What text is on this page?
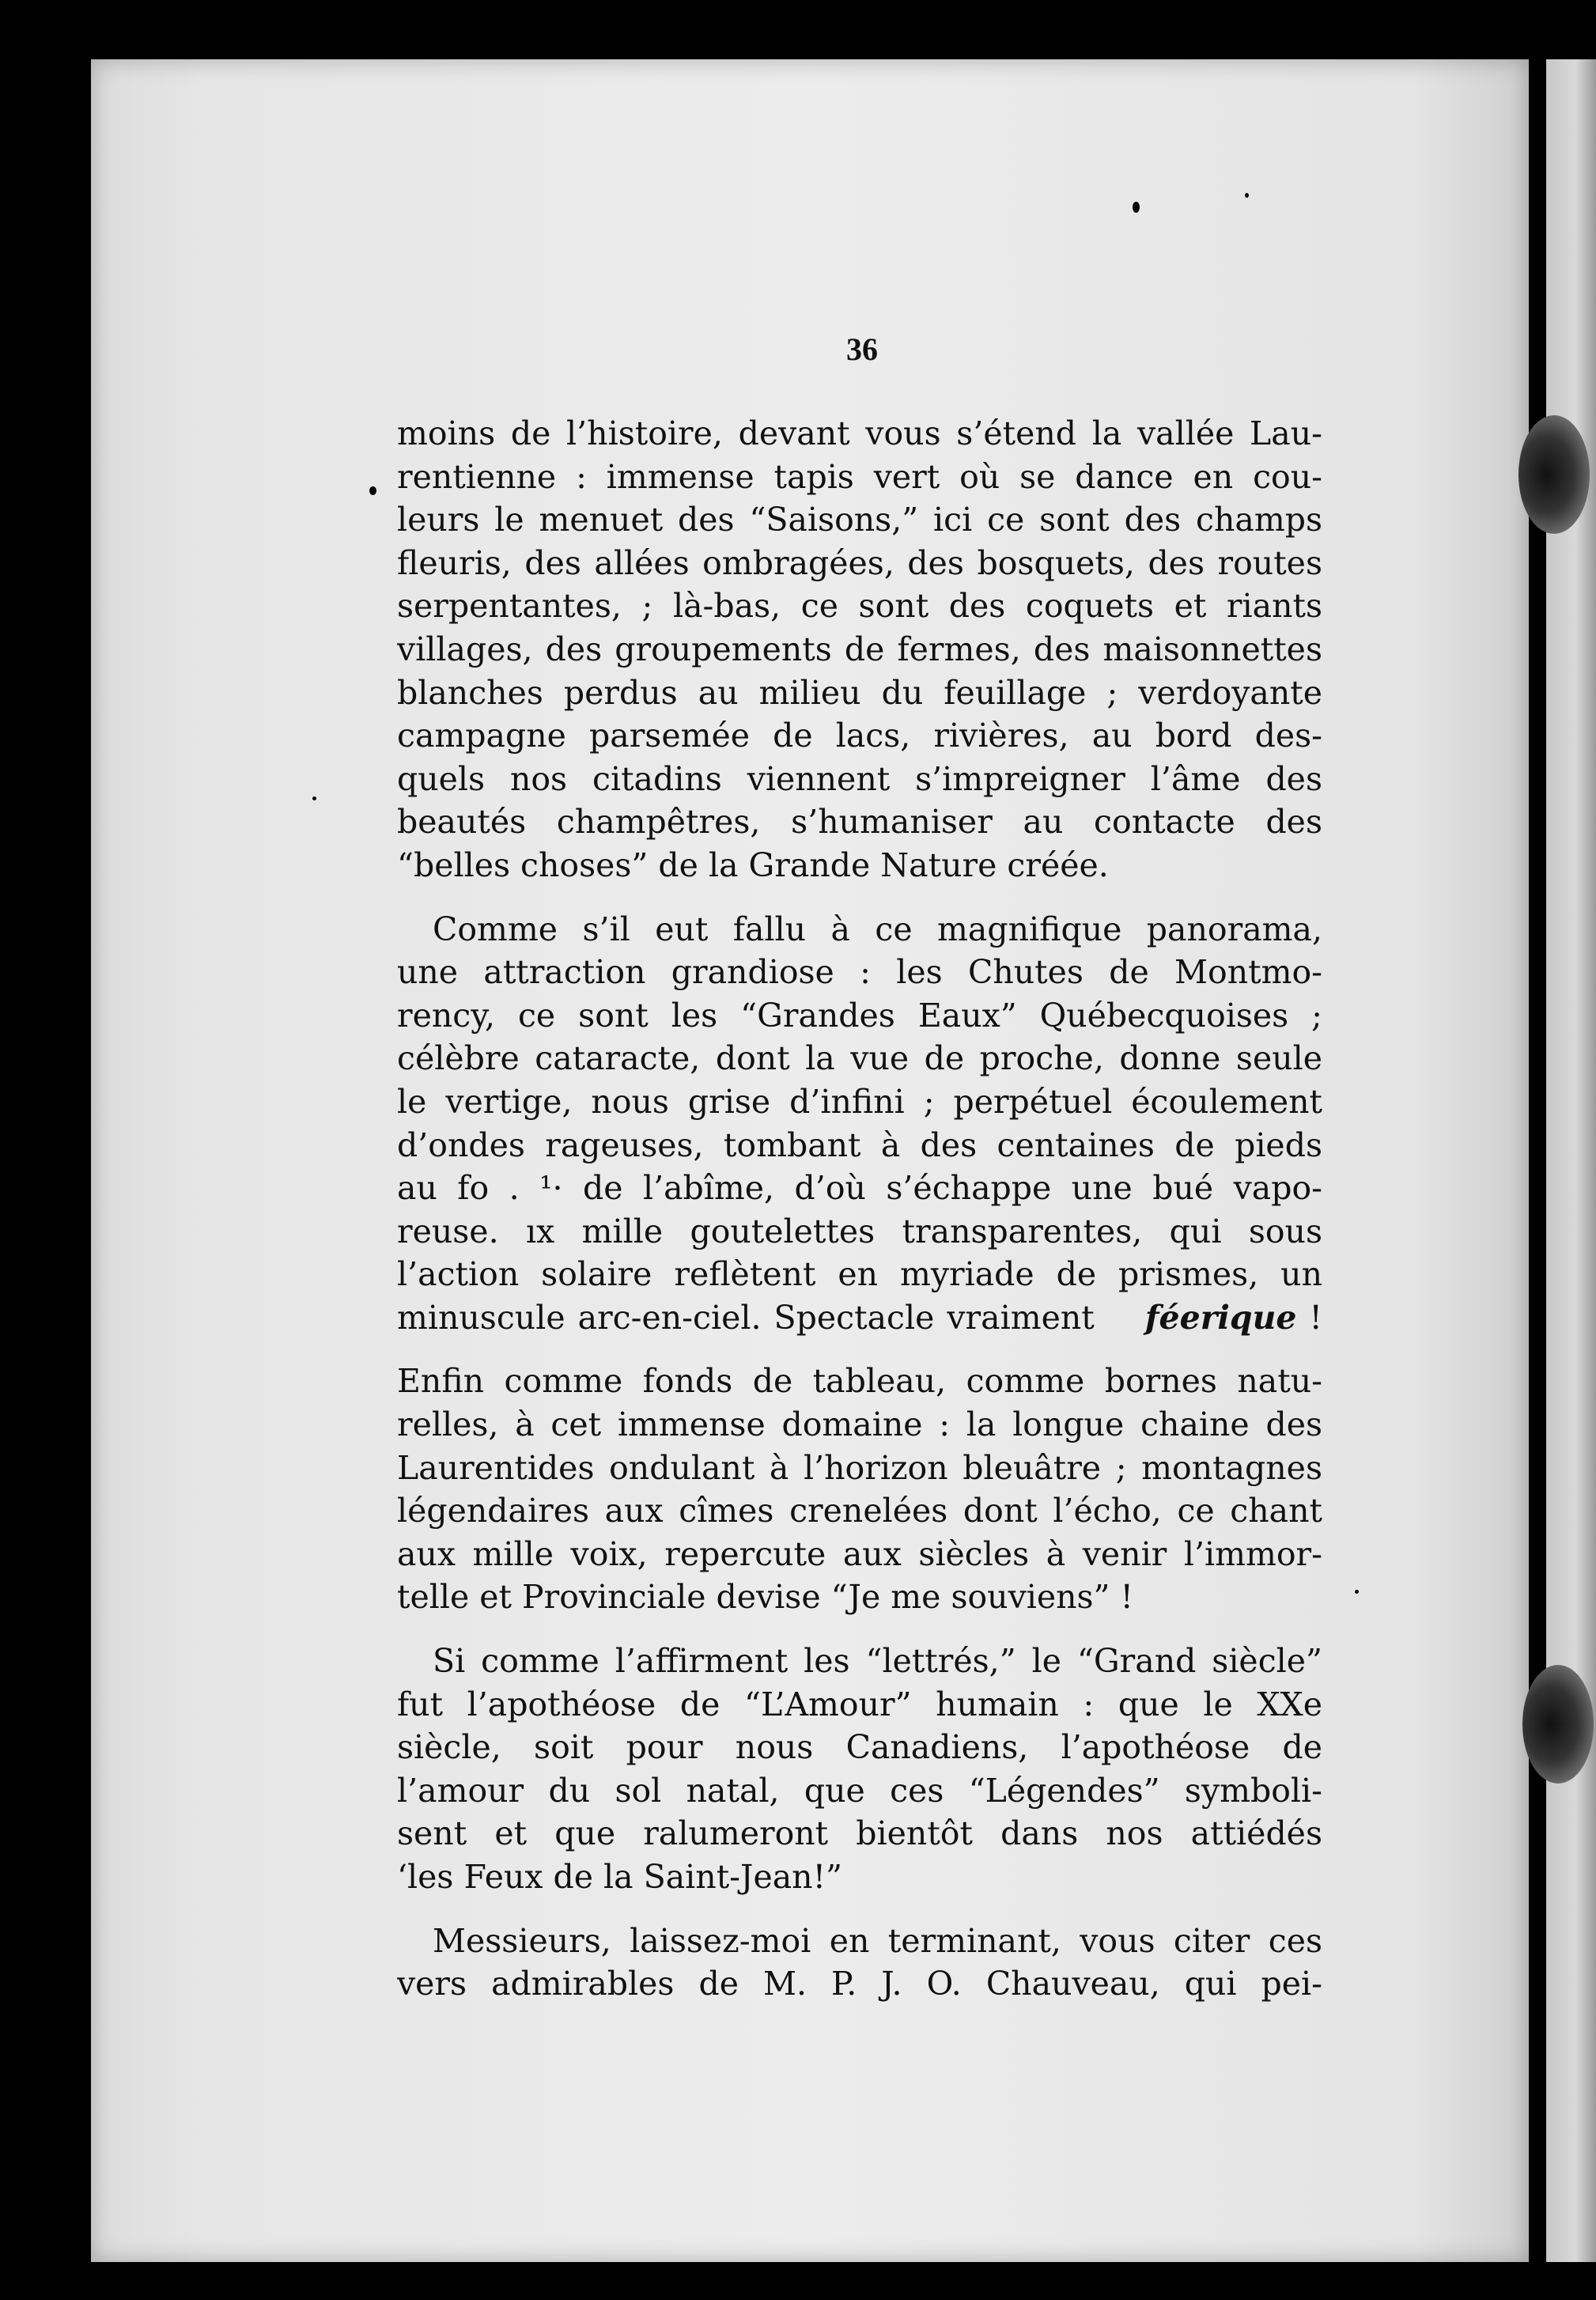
36
moins de l’histoire, devant vous s’étend la vallée Lau-
rentienne : immense tapis vert où se dance en cou-
leurs le menuet des “Saisons,” ici ce sont des champs
fleuris, des allées ombragées, des bosquets, des routes
serpentantes, ; là-bas, ce sont des coquets et riants
villages, des groupements de fermes, des maisonnettes
blanches perdus au milieu du feuillage ; verdoyante
campagne parsemée de lacs, rivières, au bord des-
quels nos citadins viennent s’impreigner l’âme des
beautés champêtres, s’humaniser au contacte des
“belles choses” de la Grande Nature créée.
Comme s’il eut fallu à ce magnifique panorama,
une attraction grandiose : les Chutes de Montmo-
rency, ce sont les “Grandes Eaux” Québecquoises ;
célèbre cataracte, dont la vue de proche, donne seule
le vertige, nous grise d’infini ; perpétuel écoulement
d’ondes rageuses, tombant à des centaines de pieds
au fo . ¹· de l’abîme, d’où s’échappe une bué vapo-
reuse. ıx mille goutelettes transparentes, qui sous
l’action solaire reflètent en myriade de prismes, un
minuscule arc-en-ciel. Spectacle vraiment féerique !
Enfin comme fonds de tableau, comme bornes natu-
relles, à cet immense domaine : la longue chaine des
Laurentides ondulant à l’horizon bleuâtre ; montagnes
légendaires aux cîmes crenelées dont l’écho, ce chant
aux mille voix, repercute aux siècles à venir l’immor-
telle et Provinciale devise “Je me souviens” !
Si comme l’affirment les “lettrés,” le “Grand siècle”
fut l’apothéose de “L’Amour” humain : que le XXe
siècle, soit pour nous Canadiens, l’apothéose de
l’amour du sol natal, que ces “Légendes” symboli-
sent et que ralumeront bientôt dans nos attiédés
‘les Feux de la Saint-Jean!”
Messieurs, laissez-moi en terminant, vous citer ces
vers admirables de M. P. J. O. Chauveau, qui pei-
